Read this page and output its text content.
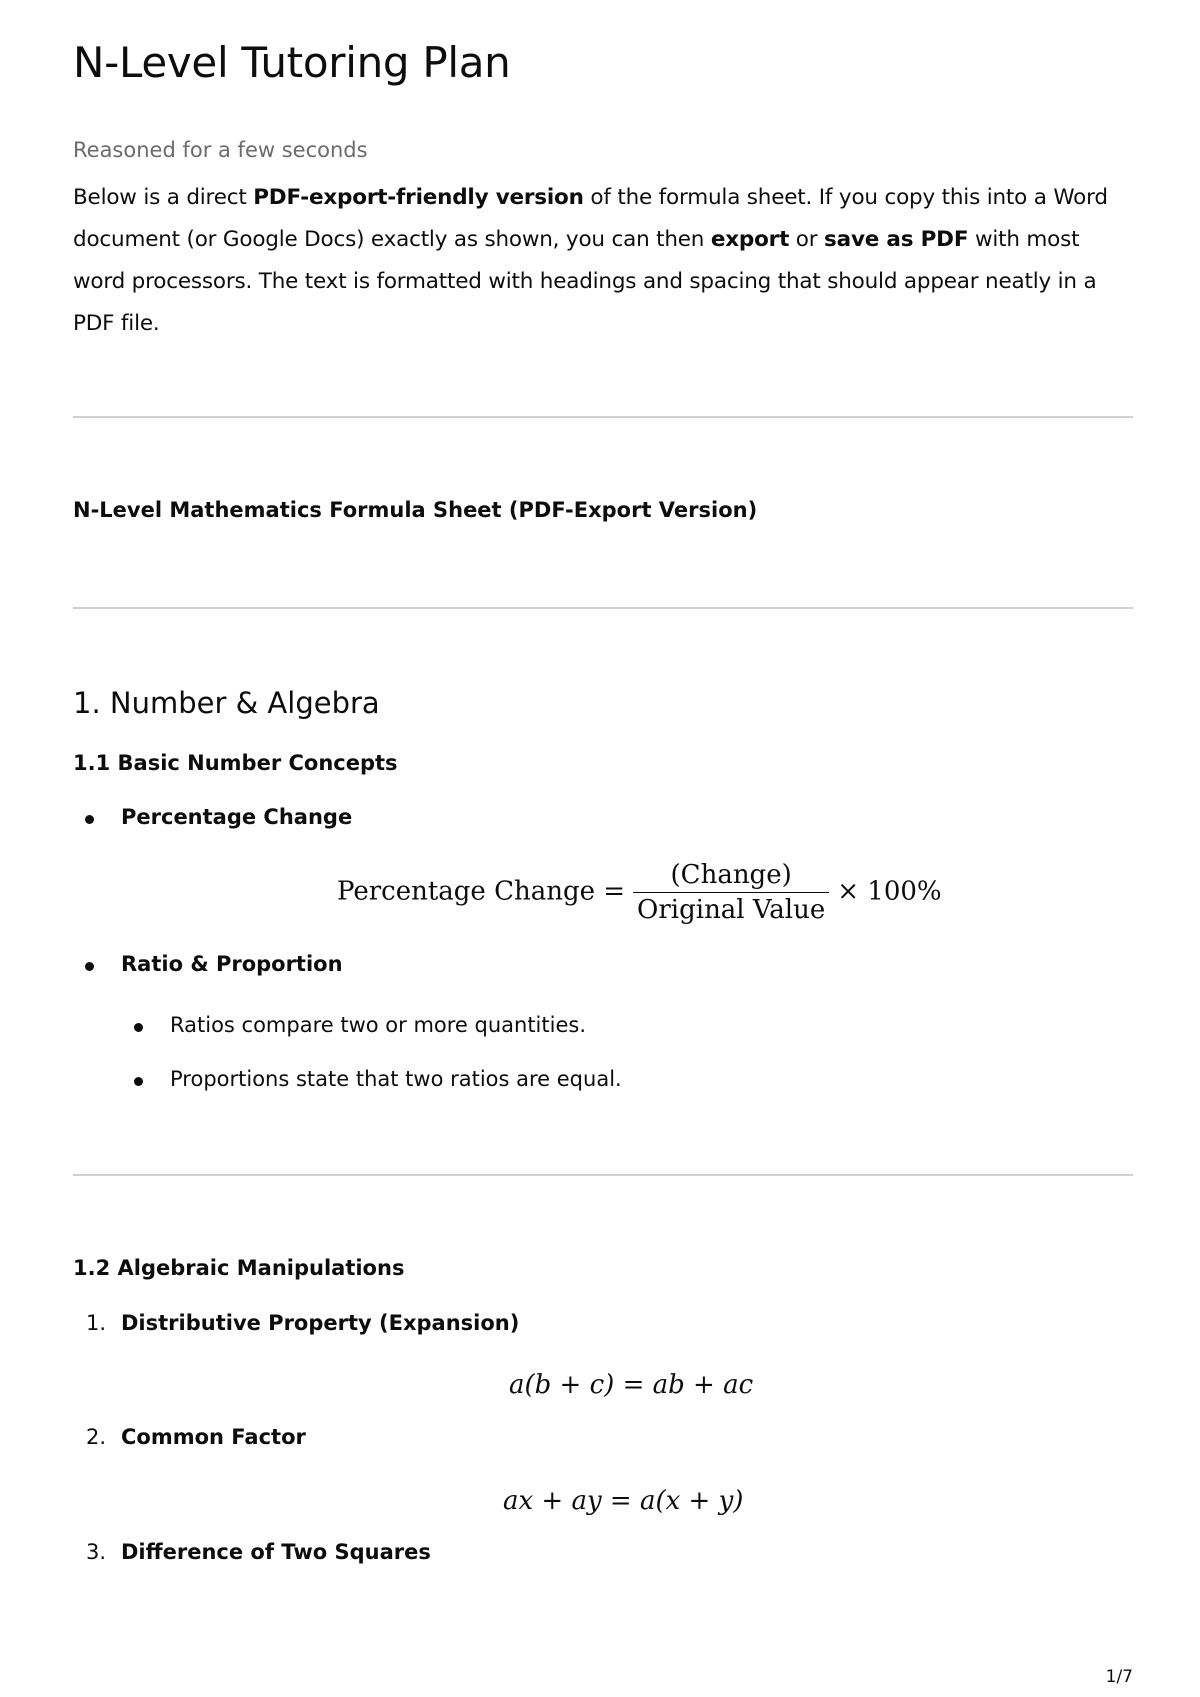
N-Level Tutoring Plan
Reasoned for a few seconds

Below is a direct PDF-export-friendly version of the formula sheet. If you copy this into a Word document (or Google Docs) exactly as shown, you can then export or save as PDF with most word processors. The text is formatted with headings and spacing that should appear neatly in a PDF file.

N-Level Mathematics Formula Sheet (PDF-Export Version)
1. Number & Algebra
1.1 Basic Number Concepts
Percentage Change
Percentage Change = $\frac{\text{(Change)}}{\text{Original Value}} \times 100\%$
Ratio & Proportion
Ratios compare two or more quantities.
Proportions state that two ratios are equal.
1.2 Algebraic Manipulations
1. Distributive Property (Expansion)
a(b + c) = ab + ac
2. Common Factor
ax + ay = a(x + y)
3. Difference of Two Squares
1/7
